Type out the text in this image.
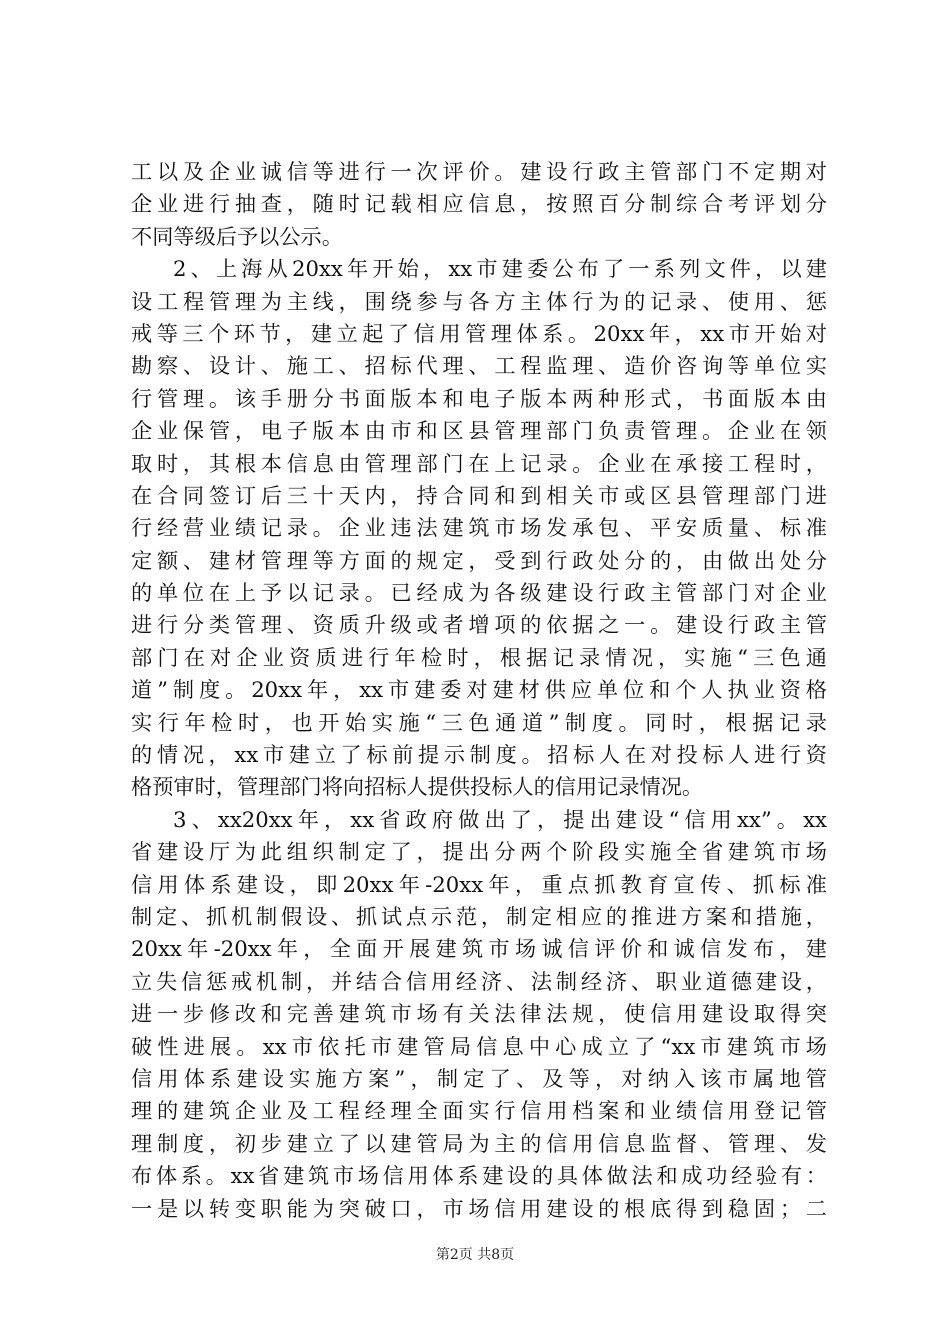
工以及企业诚信等进行一次评价。建设行政主管部门不定期对
企业进行抽查，随时记载相应信息，按照百分制综合考评划分
不同等级后予以公示。
2、上海从20xx年开始，xx市建委公布了一系列文件，以建
设工程管理为主线，围绕参与各方主体行为的记录、使用、惩
戒等三个环节，建立起了信用管理体系。20xx年，xx市开始对
勘察、设计、施工、招标代理、工程监理、造价咨询等单位实
行管理。该手册分书面版本和电子版本两种形式，书面版本由
企业保管，电子版本由市和区县管理部门负责管理。企业在领
取时，其根本信息由管理部门在上记录。企业在承接工程时，
在合同签订后三十天内，持合同和到相关市或区县管理部门进
行经营业绩记录。企业违法建筑市场发承包、平安质量、标准
定额、建材管理等方面的规定，受到行政处分的，由做出处分
的单位在上予以记录。已经成为各级建设行政主管部门对企业
进行分类管理、资质升级或者增项的依据之一。建设行政主管
部门在对企业资质进行年检时，根据记录情况，实施“三色通
道”制度。20xx年，xx市建委对建材供应单位和个人执业资格
实行年检时，也开始实施“三色通道”制度。同时，根据记录
的情况，xx市建立了标前提示制度。招标人在对投标人进行资
格预审时，管理部门将向招标人提供投标人的信用记录情况。
3、xx20xx年，xx省政府做出了，提出建设“信用xx”。xx
省建设厅为此组织制定了，提出分两个阶段实施全省建筑市场
信用体系建设，即20xx年-20xx年，重点抓教育宣传、抓标准
制定、抓机制假设、抓试点示范，制定相应的推进方案和措施，
20xx年-20xx年，全面开展建筑市场诚信评价和诚信发布，建
立失信惩戒机制，并结合信用经济、法制经济、职业道德建设，
进一步修改和完善建筑市场有关法律法规，使信用建设取得突
破性进展。xx市依托市建管局信息中心成立了“xx市建筑市场
信用体系建设实施方案”，制定了、及等，对纳入该市属地管
理的建筑企业及工程经理全面实行信用档案和业绩信用登记管
理制度，初步建立了以建管局为主的信用信息监督、管理、发
布体系。xx省建筑市场信用体系建设的具体做法和成功经验有：
一是以转变职能为突破口，市场信用建设的根底得到稳固；二
第2页 共8页
